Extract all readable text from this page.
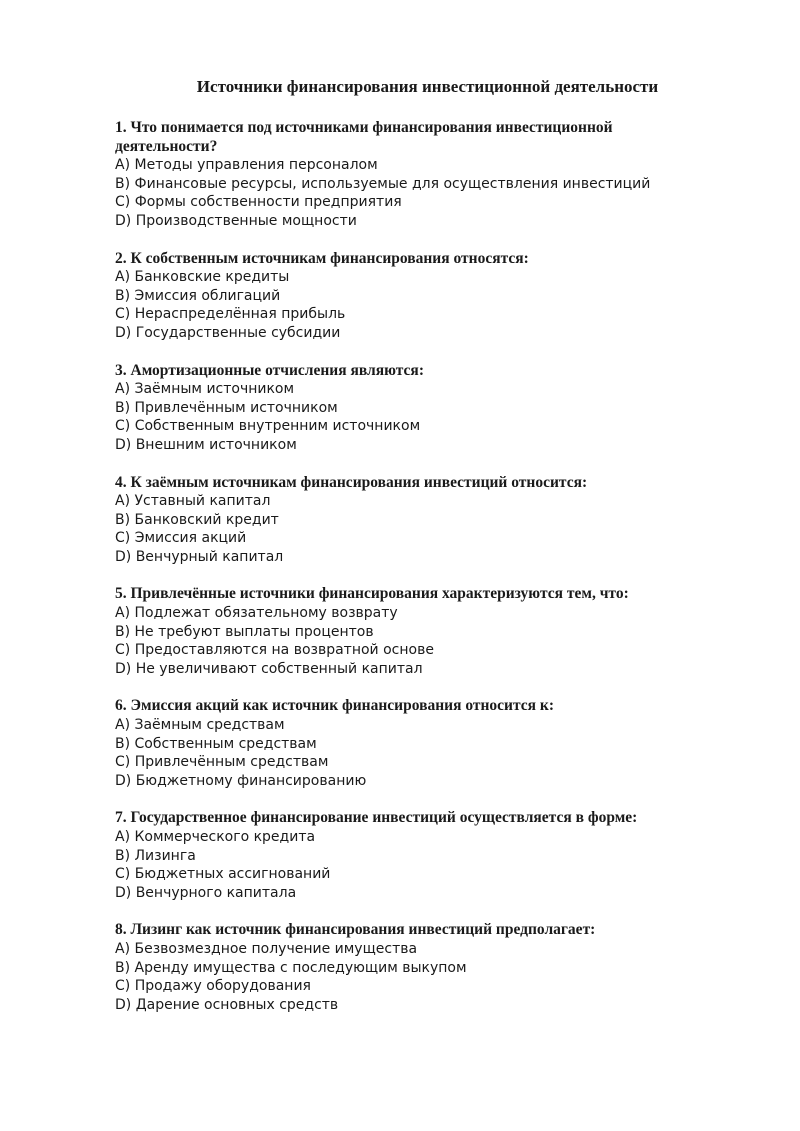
Источники финансирования инвестиционной деятельности

1. Что понимается под источниками финансирования инвестиционной деятельности?

A) Методы управления персоналом

B) Финансовые ресурсы, используемые для осуществления инвестиций

C) Формы собственности предприятия

D) Производственные мощности

2. К собственным источникам финансирования относятся:

A) Банковские кредиты

B) Эмиссия облигаций

C) Нераспределённая прибыль

D) Государственные субсидии

3. Амортизационные отчисления являются:

A) Заёмным источником

B) Привлечённым источником

C) Собственным внутренним источником

D) Внешним источником

4. К заёмным источникам финансирования инвестиций относится:

A) Уставный капитал

B) Банковский кредит

C) Эмиссия акций

D) Венчурный капитал

5. Привлечённые источники финансирования характеризуются тем, что:

A) Подлежат обязательному возврату

B) Не требуют выплаты процентов

C) Предоставляются на возвратной основе

D) Не увеличивают собственный капитал

6. Эмиссия акций как источник финансирования относится к:

A) Заёмным средствам

B) Собственным средствам

C) Привлечённым средствам

D) Бюджетному финансированию

7. Государственное финансирование инвестиций осуществляется в форме:

A) Коммерческого кредита

B) Лизинга

C) Бюджетных ассигнований

D) Венчурного капитала

8. Лизинг как источник финансирования инвестиций предполагает:

A) Безвозмездное получение имущества

B) Аренду имущества с последующим выкупом

C) Продажу оборудования

D) Дарение основных средств
